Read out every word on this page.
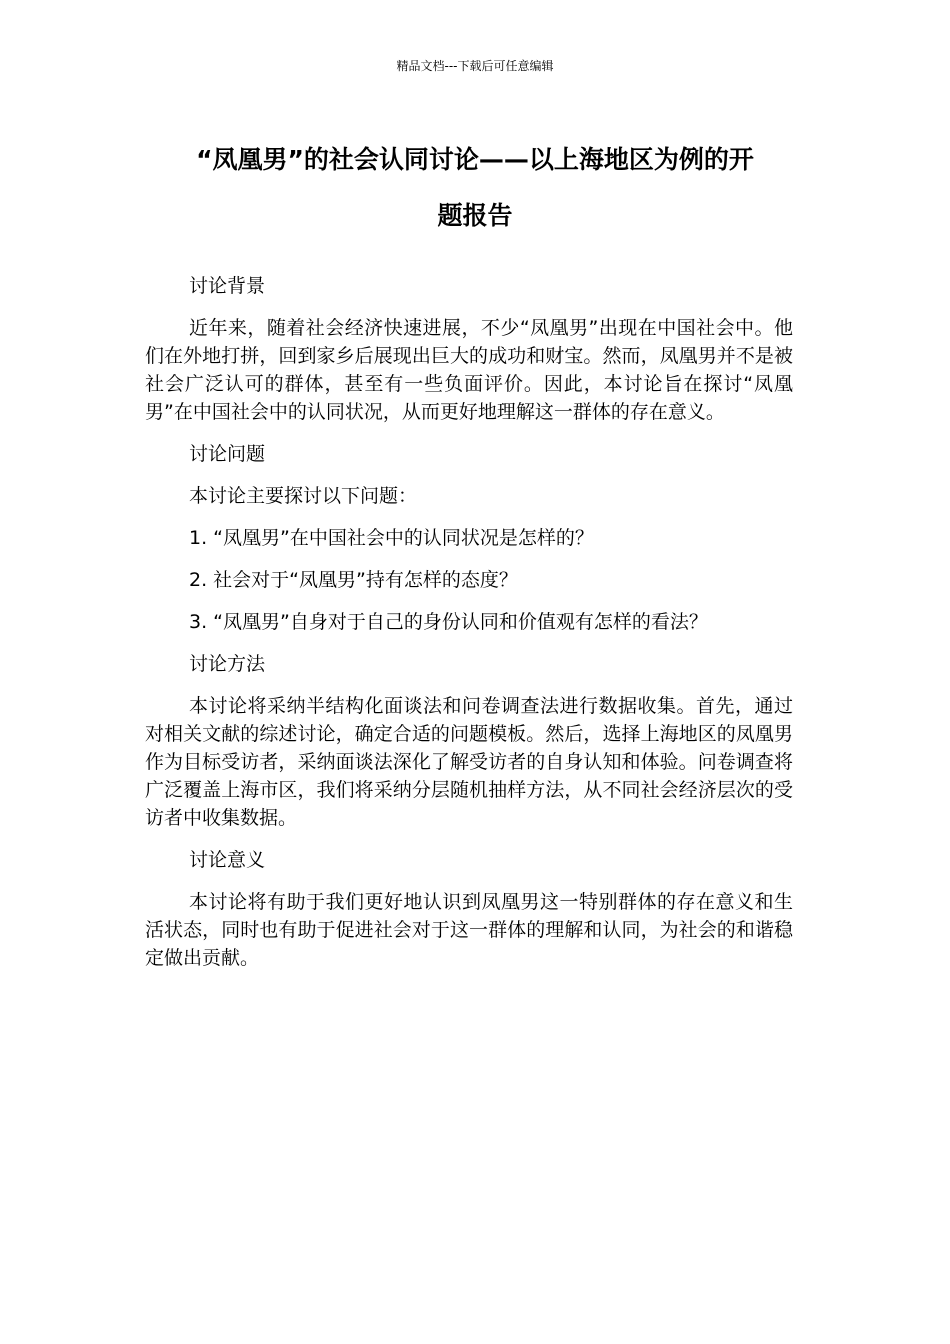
精品文档---下载后可任意编辑
“凤凰男”的社会认同讨论——以上海地区为例的开
题报告

讨论背景

近年来，随着社会经济快速进展，不少“凤凰男”出现在中国社会中。他们在外地打拼，回到家乡后展现出巨大的成功和财宝。然而，凤凰男并不是被社会广泛认可的群体，甚至有一些负面评价。因此，本讨论旨在探讨“凤凰男”在中国社会中的认同状况，从而更好地理解这一群体的存在意义。

讨论问题

本讨论主要探讨以下问题：

1. “凤凰男”在中国社会中的认同状况是怎样的？

2. 社会对于“凤凰男”持有怎样的态度？

3. “凤凰男”自身对于自己的身份认同和价值观有怎样的看法？

讨论方法

本讨论将采纳半结构化面谈法和问卷调查法进行数据收集。首先，通过对相关文献的综述讨论，确定合适的问题模板。然后，选择上海地区的凤凰男作为目标受访者，采纳面谈法深化了解受访者的自身认知和体验。问卷调查将广泛覆盖上海市区，我们将采纳分层随机抽样方法，从不同社会经济层次的受访者中收集数据。

讨论意义

本讨论将有助于我们更好地认识到凤凰男这一特别群体的存在意义和生活状态，同时也有助于促进社会对于这一群体的理解和认同，为社会的和谐稳定做出贡献。
